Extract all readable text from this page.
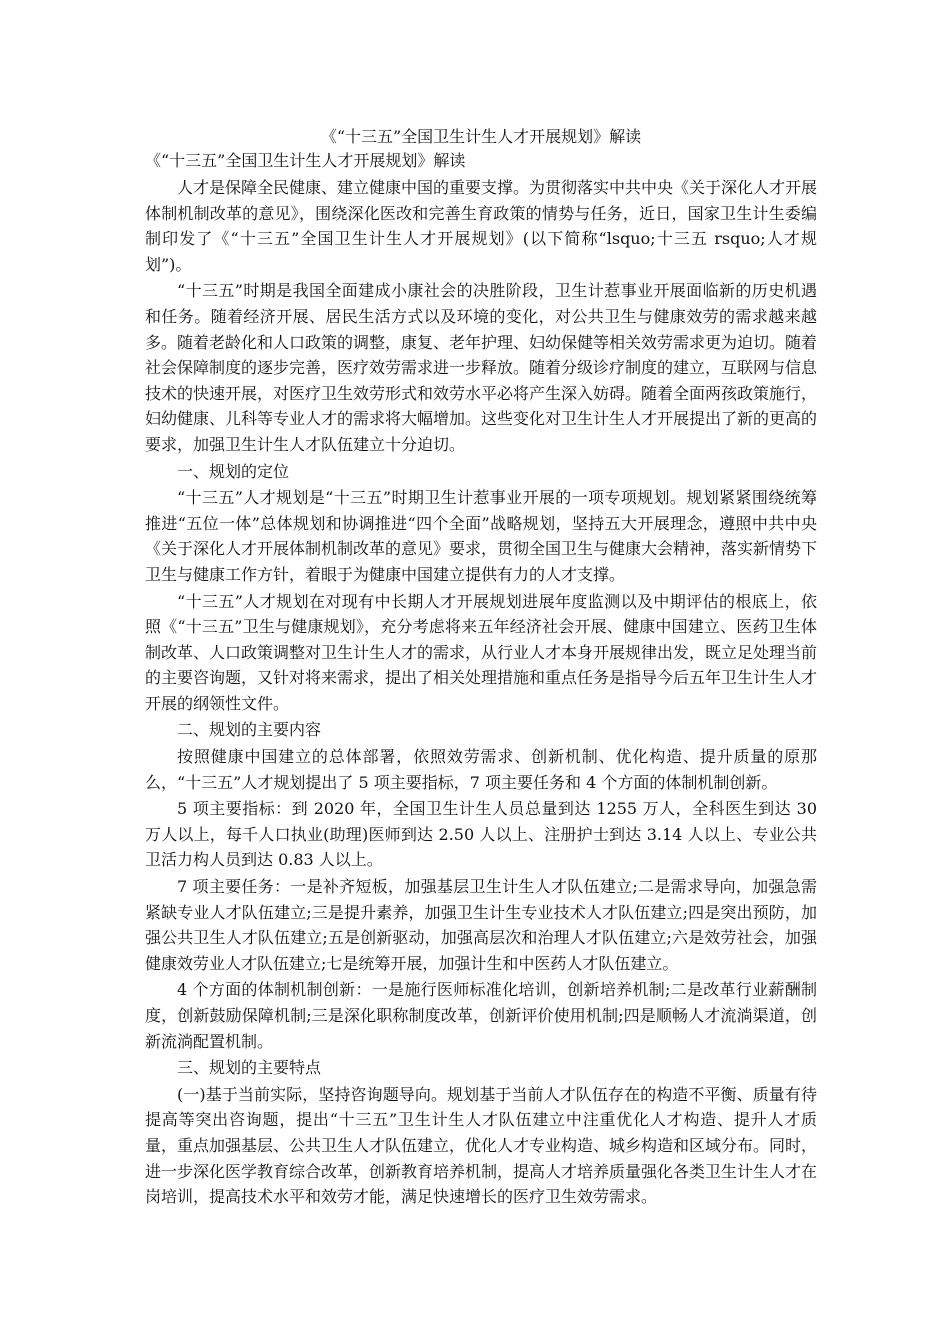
《“十三五”全国卫生计生人才开展规划》解读
《“十三五”全国卫生计生人才开展规划》解读

人才是保障全民健康、建立健康中国的重要支撑。为贯彻落实中共中央《关于深化人才开展体制机制改革的意见》，围绕深化医改和完善生育政策的情势与任务，近日，国家卫生计生委编制印发了《“十三五”全国卫生计生人才开展规划》(以下简称“lsquo;十三五 rsquo;人才规划”)。

“十三五”时期是我国全面建成小康社会的决胜阶段，卫生计惹事业开展面临新的历史机遇和任务。随着经济开展、居民生活方式以及环境的变化，对公共卫生与健康效劳的需求越来越多。随着老龄化和人口政策的调整，康复、老年护理、妇幼保健等相关效劳需求更为迫切。随着社会保障制度的逐步完善，医疗效劳需求进一步释放。随着分级诊疗制度的建立，互联网与信息技术的快速开展，对医疗卫生效劳形式和效劳水平必将产生深入妨碍。随着全面两孩政策施行，妇幼健康、儿科等专业人才的需求将大幅增加。这些变化对卫生计生人才开展提出了新的更高的要求，加强卫生计生人才队伍建立十分迫切。

一、规划的定位

“十三五”人才规划是“十三五”时期卫生计惹事业开展的一项专项规划。规划紧紧围绕统筹推进“五位一体”总体规划和协调推进“四个全面”战略规划，坚持五大开展理念，遵照中共中央《关于深化人才开展体制机制改革的意见》要求，贯彻全国卫生与健康大会精神，落实新情势下卫生与健康工作方针，着眼于为健康中国建立提供有力的人才支撑。

“十三五”人才规划在对现有中长期人才开展规划进展年度监测以及中期评估的根底上，依照《“十三五”卫生与健康规划》，充分考虑将来五年经济社会开展、健康中国建立、医药卫生体制改革、人口政策调整对卫生计生人才的需求，从行业人才本身开展规律出发，既立足处理当前的主要咨询题，又针对将来需求，提出了相关处理措施和重点任务是指导今后五年卫生计生人才开展的纲领性文件。

二、规划的主要内容

按照健康中国建立的总体部署，依照效劳需求、创新机制、优化构造、提升质量的原那么，“十三五”人才规划提出了 5 项主要指标，7 项主要任务和 4 个方面的体制机制创新。

5 项主要指标：到 2020 年，全国卫生计生人员总量到达 1255 万人，全科医生到达 30 万人以上，每千人口执业(助理)医师到达 2.50 人以上、注册护士到达 3.14 人以上、专业公共卫活力构人员到达 0.83 人以上。

7 项主要任务：一是补齐短板，加强基层卫生计生人才队伍建立;二是需求导向，加强急需紧缺专业人才队伍建立;三是提升素养，加强卫生计生专业技术人才队伍建立;四是突出预防，加强公共卫生人才队伍建立;五是创新驱动，加强高层次和治理人才队伍建立;六是效劳社会，加强健康效劳业人才队伍建立;七是统筹开展，加强计生和中医药人才队伍建立。

4 个方面的体制机制创新：一是施行医师标准化培训，创新培养机制;二是改革行业薪酬制度，创新鼓励保障机制;三是深化职称制度改革，创新评价使用机制;四是顺畅人才流淌渠道，创新流淌配置机制。

三、规划的主要特点

(一)基于当前实际，坚持咨询题导向。规划基于当前人才队伍存在的构造不平衡、质量有待提高等突出咨询题，提出“十三五”卫生计生人才队伍建立中注重优化人才构造、提升人才质量，重点加强基层、公共卫生人才队伍建立，优化人才专业构造、城乡构造和区域分布。同时，进一步深化医学教育综合改革，创新教育培养机制，提高人才培养质量强化各类卫生计生人才在岗培训，提高技术水平和效劳才能，满足快速增长的医疗卫生效劳需求。
